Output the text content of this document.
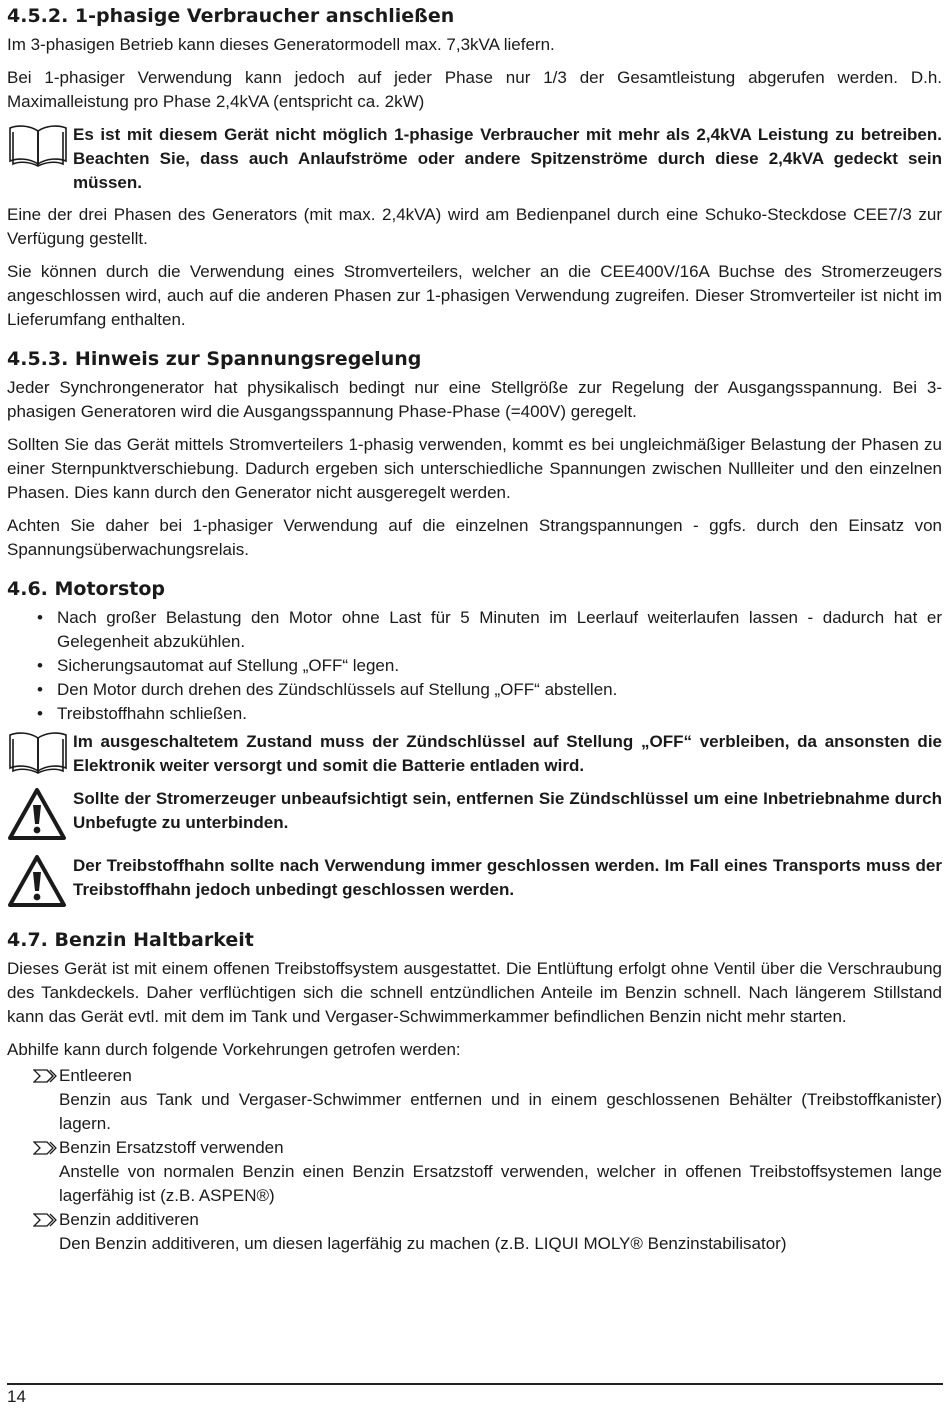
4.5.2. 1-phasige Verbraucher anschließen

Im 3-phasigen Betrieb kann dieses Generatormodell max. 7,3kVA liefern.

Bei 1-phasiger Verwendung kann jedoch auf jeder Phase nur 1/3 der Gesamtleistung abgerufen werden. D.h. Maximalleistung pro Phase 2,4kVA (entspricht ca. 2kW)

Es ist mit diesem Gerät nicht möglich 1-phasige Verbraucher mit mehr als 2,4kVA Leistung zu betreiben. Beachten Sie, dass auch Anlaufströme oder andere Spitzenströme durch diese 2,4kVA gedeckt sein müssen.

Eine der drei Phasen des Generators (mit max. 2,4kVA) wird am Bedienpanel durch eine Schuko-Steckdose CEE7/3 zur Verfügung gestellt.

Sie können durch die Verwendung eines Stromverteilers, welcher an die CEE400V/16A Buchse des Stromerzeugers angeschlossen wird, auch auf die anderen Phasen zur 1-phasigen Verwendung zugreifen. Dieser Stromverteiler ist nicht im Lieferumfang enthalten.

4.5.3. Hinweis zur Spannungsregelung

Jeder Synchrongenerator hat physikalisch bedingt nur eine Stellgröße zur Regelung der Ausgangsspannung. Bei 3-phasigen Generatoren wird die Ausgangsspannung Phase-Phase (=400V) geregelt.

Sollten Sie das Gerät mittels Stromverteilers 1-phasig verwenden, kommt es bei ungleichmäßiger Belastung der Phasen zu einer Sternpunktverschiebung. Dadurch ergeben sich unterschiedliche Spannungen zwischen Nullleiter und den einzelnen Phasen. Dies kann durch den Generator nicht ausgeregelt werden.

Achten Sie daher bei 1-phasiger Verwendung auf die einzelnen Strangspannungen - ggfs. durch den Einsatz von Spannungsüberwachungsrelais.

4.6. Motorstop
• Nach großer Belastung den Motor ohne Last für 5 Minuten im Leerlauf weiterlaufen lassen - dadurch hat er Gelegenheit abzukühlen.
• Sicherungsautomat auf Stellung „OFF“ legen.
• Den Motor durch drehen des Zündschlüssels auf Stellung „OFF“ abstellen.
• Treibstoffhahn schließen.
Im ausgeschaltetem Zustand muss der Zündschlüssel auf Stellung „OFF“ verbleiben, da ansonsten die Elektronik weiter versorgt und somit die Batterie entladen wird.
Sollte der Stromerzeuger unbeaufsichtigt sein, entfernen Sie Zündschlüssel um eine Inbetriebnahme durch Unbefugte zu unterbinden.
Der Treibstoffhahn sollte nach Verwendung immer geschlossen werden. Im Fall eines Transports muss der Treibstoffhahn jedoch unbedingt geschlossen werden.
4.7. Benzin Haltbarkeit

Dieses Gerät ist mit einem offenen Treibstoffsystem ausgestattet. Die Entlüftung erfolgt ohne Ventil über die Verschraubung des Tankdeckels. Daher verflüchtigen sich die schnell entzündlichen Anteile im Benzin schnell. Nach längerem Stillstand kann das Gerät evtl. mit dem im Tank und Vergaser-Schwimmerkammer befindlichen Benzin nicht mehr starten.

Abhilfe kann durch folgende Vorkehrungen getrofen werden:

Entleeren
Benzin aus Tank und Vergaser-Schwimmer entfernen und in einem geschlossenen Behälter (Treibstoffkanister) lagern.
Benzin Ersatzstoff verwenden
Anstelle von normalen Benzin einen Benzin Ersatzstoff verwenden, welcher in offenen Treibstoffsystemen lange lagerfähig ist (z.B. ASPEN®)
Benzin additiveren
Den Benzin additiveren, um diesen lagerfähig zu machen (z.B. LIQUI MOLY® Benzinstabilisator)
14
